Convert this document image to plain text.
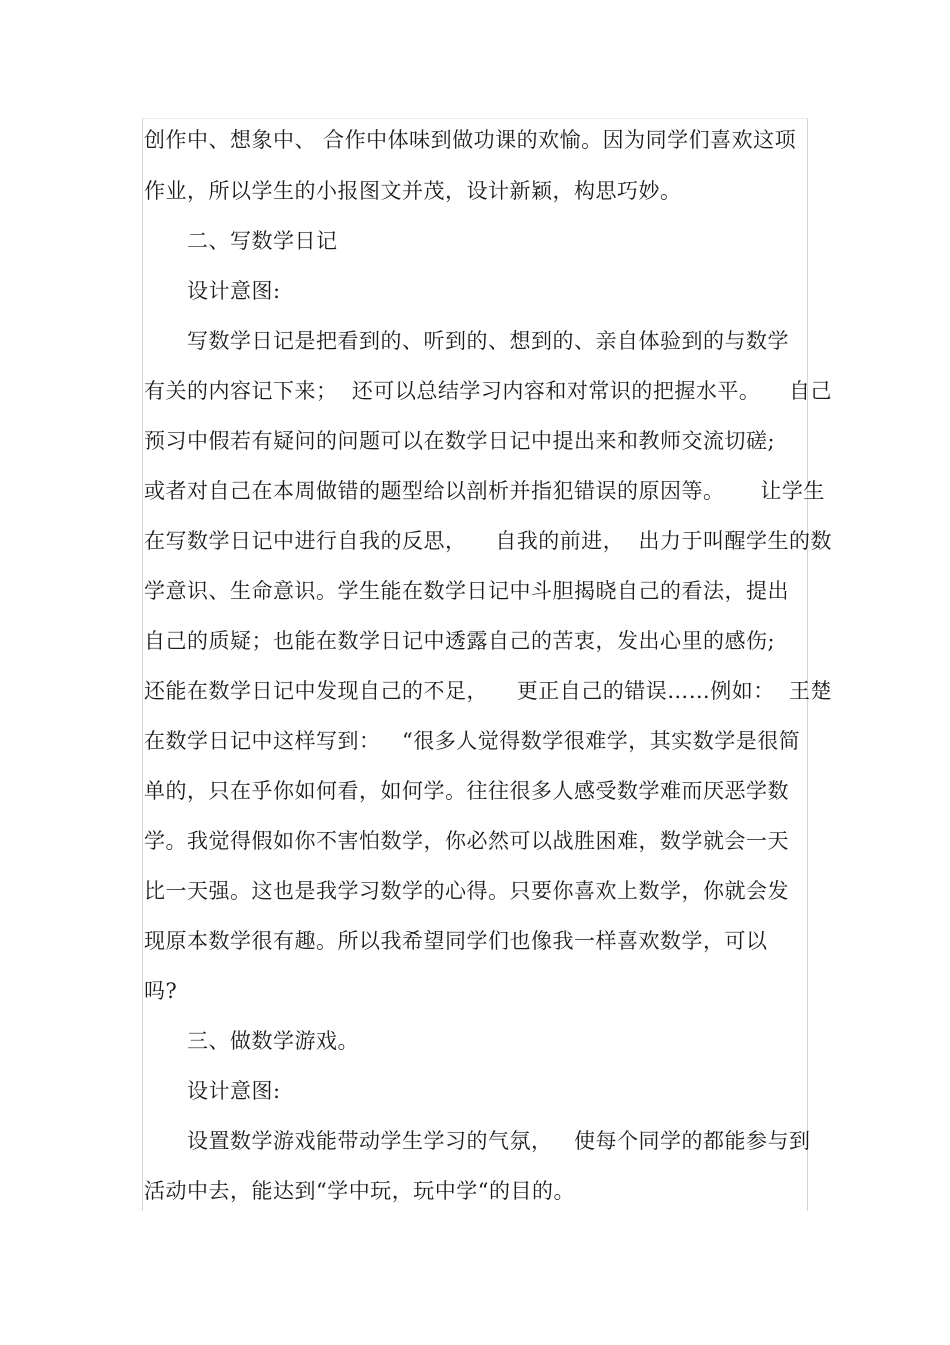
创作中、想象中、 合作中体味到做功课的欢愉。因为同学们喜欢这项
作业，所以学生的小报图文并茂，设计新颖，构思巧妙。
二、写数学日记
设计意图:
写数学日记是把看到的、听到的、想到的、亲自体验到的与数学
有关的内容记下来；  还可以总结学习内容和对常识的把握水平。    自己
预习中假若有疑问的问题可以在数学日记中提出来和教师交流切磋;
或者对自己在本周做错的题型给以剖析并指犯错误的原因等。     让学生
在写数学日记中进行自我的反思，    自我的前进，  出力于叫醒学生的数
学意识、生命意识。学生能在数学日记中斗胆揭晓自己的看法，提出
自己的质疑；也能在数学日记中透露自己的苦衷，发出心里的感伤;
还能在数学日记中发现自己的不足，    更正自己的错误……例如：  王楚
在数学日记中这样写到：   “很多人觉得数学很难学，其实数学是很简
单的，只在乎你如何看，如何学。往往很多人感受数学难而厌恶学数
学。我觉得假如你不害怕数学，你必然可以战胜困难，数学就会一天
比一天强。这也是我学习数学的心得。只要你喜欢上数学，你就会发
现原本数学很有趣。所以我希望同学们也像我一样喜欢数学，可以
吗?
三、做数学游戏。
设计意图:
设置数学游戏能带动学生学习的气氛，   使每个同学的都能参与到
活动中去，能达到“学中玩，玩中学“的目的。
